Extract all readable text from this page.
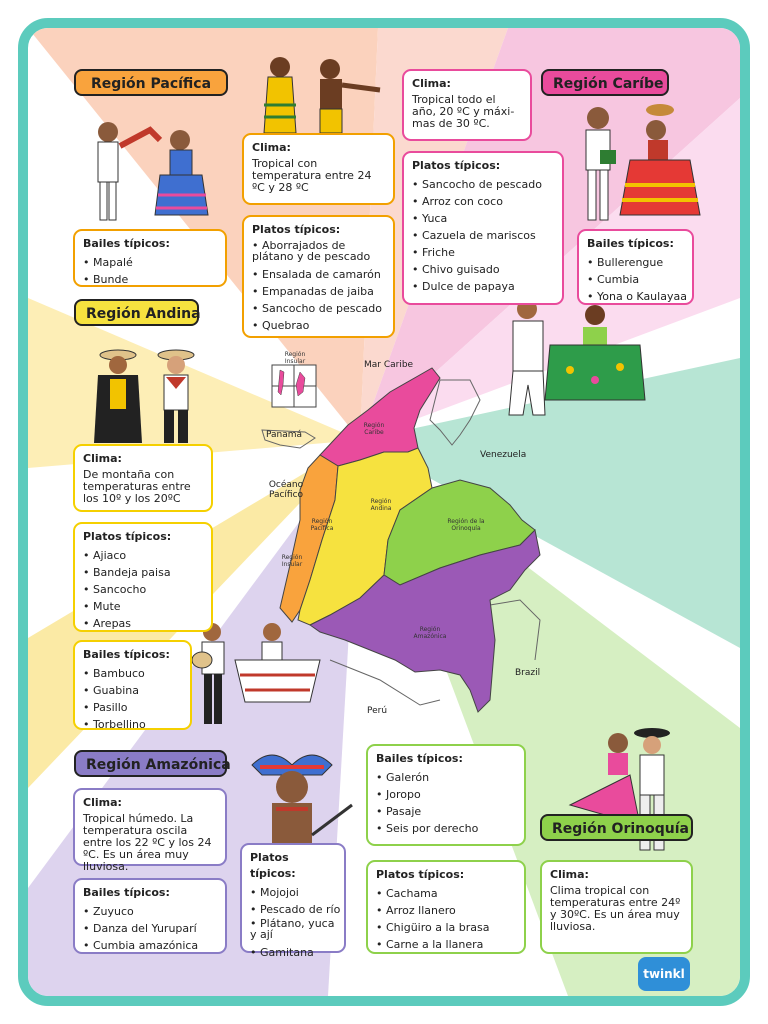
Mar Caribe
Región Insular
Panamá
Venezuela
Océano Pacífico
Región Caribe
Región Andina
Región Pacífica
Región Insular
Región de la Orinoquía
Región Amazónica
Brazil
Perú
Región Pacífica
Clima:

Tropical con temperatura entre 24 ºC y 28 ºC

Platos típicos:
• Aborrajados de plátano y de pescado
• Ensalada de camarón
• Empanadas de jaiba
• Sancocho de pescado
• Quebrao
Bailes típicos:
• Mapalé
• Bunde
Región Caríbe
Clima:

Tropical todo el año, 20 ºC y máxi-mas de 30 ºC.

Platos típicos:
• Sancocho de pescado
• Arroz con coco
• Yuca
• Cazuela de mariscos
• Friche
• Chivo guisado
• Dulce de papaya
Bailes típicos:
• Bullerengue
• Cumbia
• Yona o Kaulayaa
Región Andina
Clima:

De montaña con temperaturas entre los 10º y los 20ºC

Platos típicos:
• Ajiaco
• Bandeja paisa
• Sancocho
• Mute
• Arepas
Bailes típicos:
• Bambuco
• Guabina
• Pasillo
• Torbellino
Región Amazónica
Clima:

Tropical húmedo. La temperatura oscila entre los 22 ºC y los 24 ºC. Es un área muy lluviosa.

Bailes típicos:
• Zuyuco
• Danza del Yuruparí
• Cumbia amazónica
Platos típicos:
• Mojojoi
• Pescado de río
• Plátano, yuca y ají
• Gamitana
Región Orinoquía
Bailes típicos:
• Galerón
• Joropo
• Pasaje
• Seis por derecho
Platos típicos:
• Cachama
• Arroz llanero
• Chigüiro a la brasa
• Carne a la llanera
Clima:

Clima tropical con temperaturas entre 24º y 30ºC. Es un área muy lluviosa.

twinkl
